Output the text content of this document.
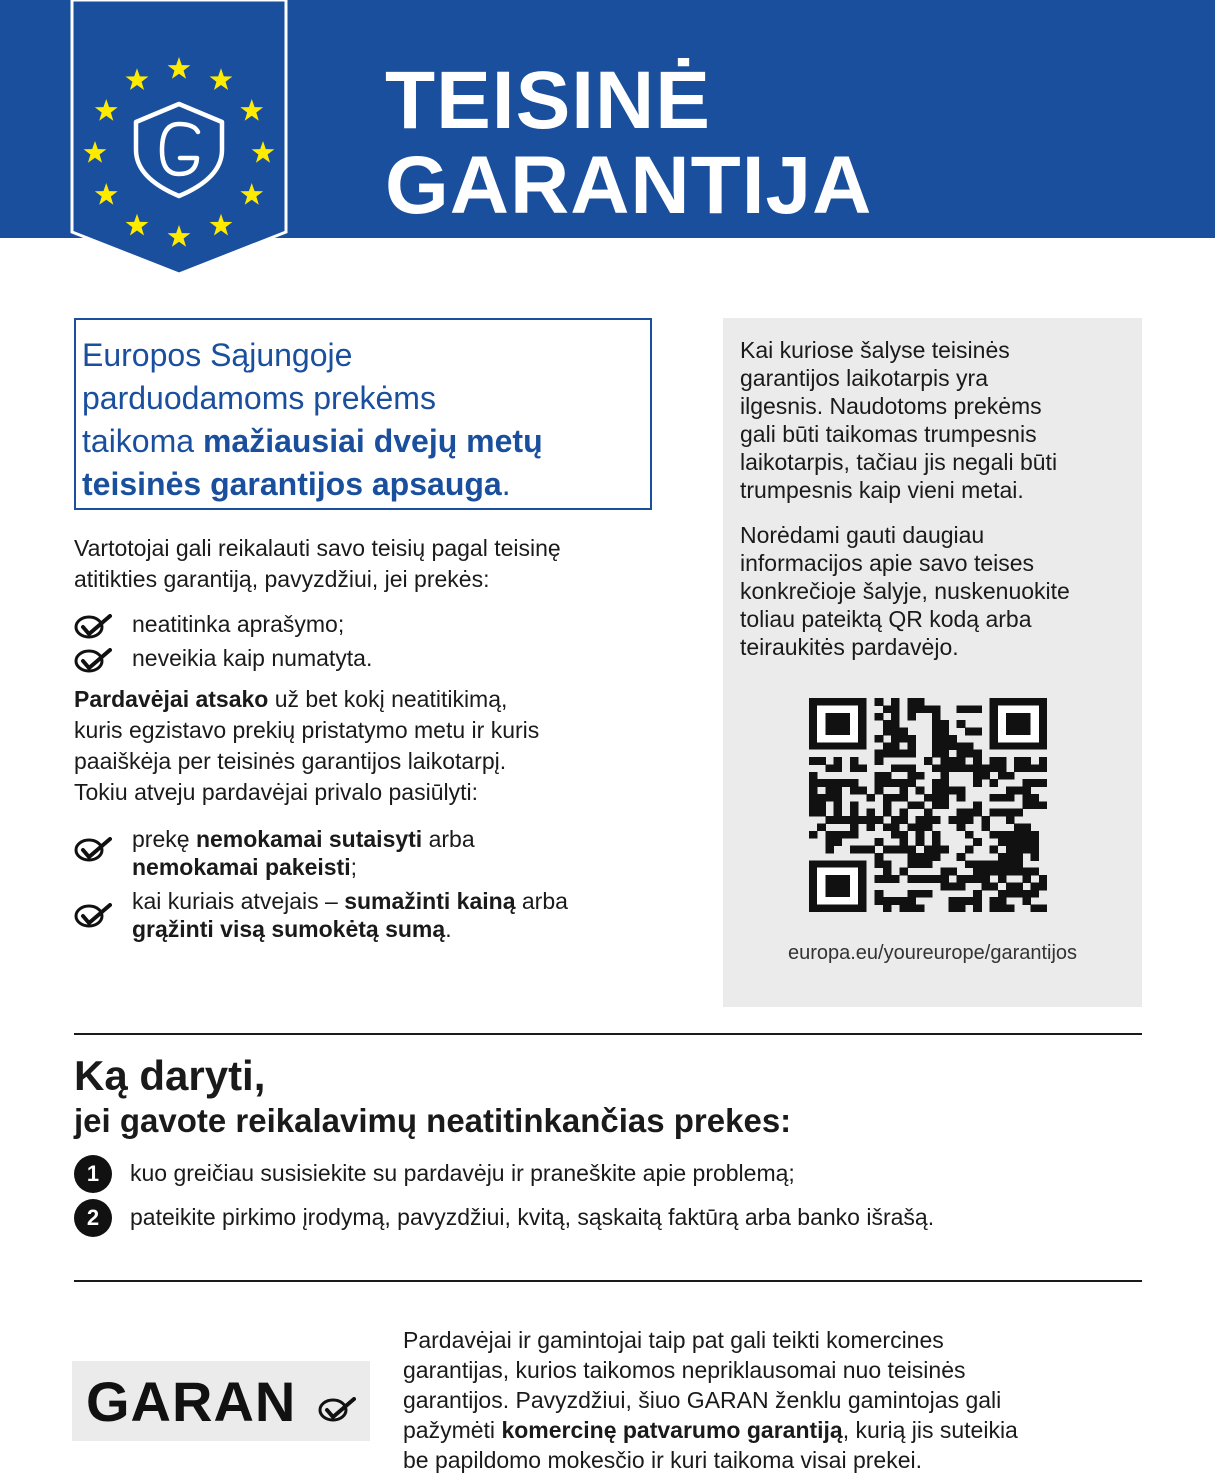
TEISINĖ
GARANTIJA
Europos Sąjungoje
parduodamoms prekėms
taikoma mažiausiai dvejų metų
teisinės garantijos apsauga.
Vartotojai gali reikalauti savo teisių pagal teisinę
atitikties garantiją, pavyzdžiui, jei prekės:
neatitinka aprašymo;
neveikia kaip numatyta.
Pardavėjai atsako už bet kokį neatitikimą,
kuris egzistavo prekių pristatymo metu ir kuris
paaiškėja per teisinės garantijos laikotarpį.
Tokiu atveju pardavėjai privalo pasiūlyti:
prekę nemokamai sutaisyti arba
nemokamai pakeisti;
kai kuriais atvejais – sumažinti kainą arba
grąžinti visą sumokėtą sumą.
Kai kuriose šalyse teisinės
garantijos laikotarpis yra
ilgesnis. Naudotoms prekėms
gali būti taikomas trumpesnis
laikotarpis, tačiau jis negali būti
trumpesnis kaip vieni metai.
Norėdami gauti daugiau
informacijos apie savo teises
konkrečioje šalyje, nuskenuokite
toliau pateiktą QR kodą arba
teiraukitės pardavėjo.
europa.eu/youreurope/garantijos
Ką daryti,
jei gavote reikalavimų neatitinkančias prekes:
1	kuo greičiau susisiekite su pardavėju ir praneškite apie problemą;
2	pateikite pirkimo įrodymą, pavyzdžiui, kvitą, sąskaitą faktūrą arba banko išrašą.
GARAN
Pardavėjai ir gamintojai taip pat gali teikti komercines
garantijas, kurios taikomos nepriklausomai nuo teisinės
garantijos. Pavyzdžiui, šiuo GARAN ženklu gamintojas gali
pažymėti komercinę patvarumo garantiją, kurią jis suteikia
be papildomo mokesčio ir kuri taikoma visai prekei.
